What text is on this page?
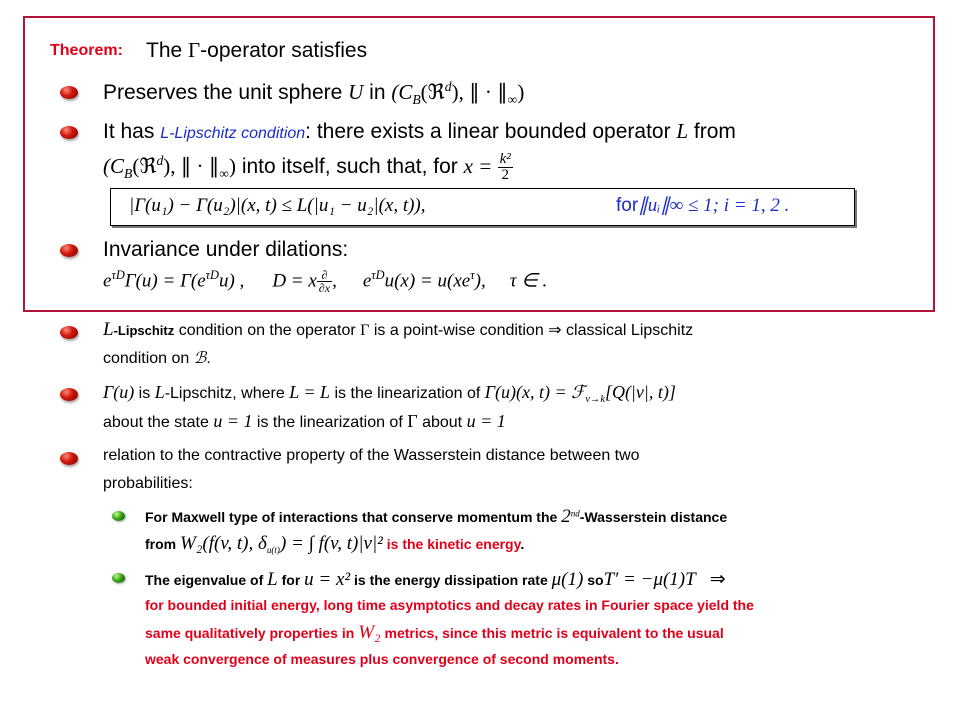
Theorem: The Γ-operator satisfies
Preserves the unit sphere U in ($C_B(ℜ^d)$, ∥ · $\parallel_\infty$)
It has L-Lipschitz condition: there exists a linear bounded operator L from
($C_B(ℜ^d)$, ∥ · $\parallel_\infty$) into itself, such that, for $x = \frac{\text{k²}}{2}$
|Γ(u₁) − Γ(u₂)|(x, t) ≤ L(|u₁ − u₂|(x, t)),	for∥uᵢ∥∞ ≤ 1; i = 1, 2 .
Invariance under dilations:
$e^{\tau D}\Gamma(u) = \Gamma(e^{\tau D}u)$ , D = x $\frac{\partial}{\partial x}$ , $e^{\tau D}u(x) = u(xe^\tau)$, τ ∈ .
L-Lipschitz condition on the operator Γ is a point-wise condition ⇒ classical Lipschitz
condition on ℬ.
Γ(u) is L-Lipschitz, where L = L is the linearization of Γ(u)(x, t) = ℱ$_{v\to k}$[Q(|v|, t)]
about the state u = 1 is the linearization of Γ about u = 1
relation to the contractive property of the Wasserstein distance between two
probabilities:
For Maxwell type of interactions that conserve momentum the 2nd-Wasserstein distance
from W₂(f(v, t), $\delta_{u(t)}$) = ∫ f(v, t)|v|² is the kinetic energy.
The eigenvalue of L for u = x² is the energy dissipation rate μ(1) soT′ = −μ(1)T ⇒
for bounded initial energy, long time asymptotics and decay rates in Fourier space yield the
same qualitatively properties in W₂ metrics, since this metric is equivalent to the usual
weak convergence of measures plus convergence of second moments.
